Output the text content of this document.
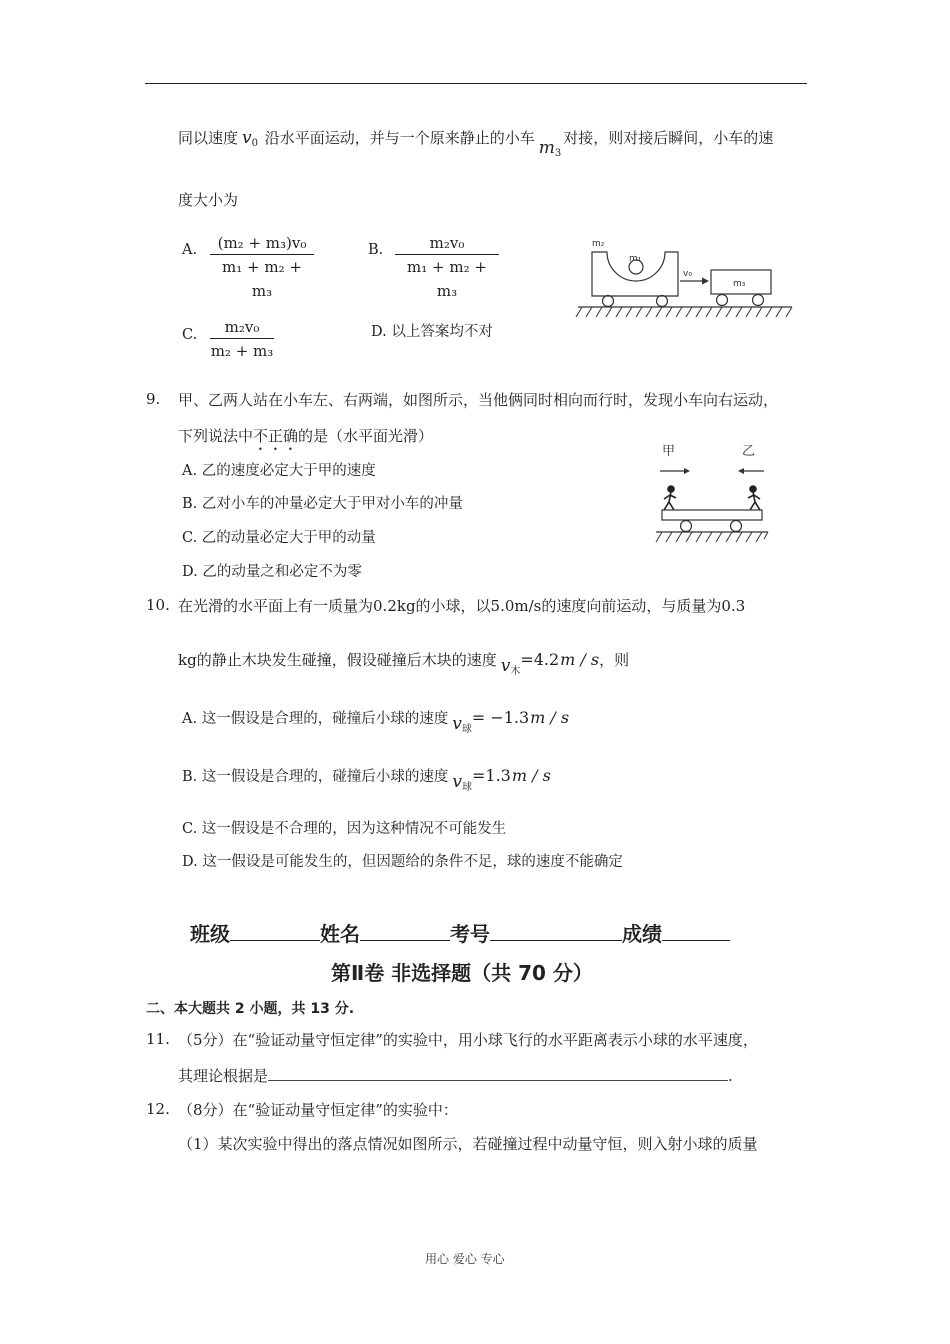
同以速度 $v_0$ 沿水平面运动，并与一个原来静止的小车 $m_3$对接，则对接后瞬间，小车的速
度大小为
A.	(m₂ + m₃)v₀
m₁ + m₂ + m₃
B.	m₂v₀
m₁ + m₂ + m₃
C.	m₂v₀
m₂ + m₃
D. 以上答案均不对
m₂
m₁
v₀
m₃
9. 甲、乙两人站在小车左、右两端，如图所示，当他俩同时相向而行时，发现小车向右运动，
下列说法中不正确的是（水平面光滑）
A. 乙的速度必定大于甲的速度
B. 乙对小车的冲量必定大于甲对小车的冲量
C. 乙的动量必定大于甲的动量
D. 乙的动量之和必定不为零
甲	乙
10. 在光滑的水平面上有一质量为0.2kg的小球，以5.0m/s的速度向前运动，与质量为0.3
kg的静止木块发生碰撞，假设碰撞后木块的速度 $v_木=4.2m / s$，则
A. 这一假设是合理的，碰撞后小球的速度 $v_球= -1.3m / s$
B. 这一假设是合理的，碰撞后小球的速度 $v_球=1.3m / s$
C. 这一假设是不合理的，因为这种情况不可能发生
D. 这一假设是可能发生的，但因题给的条件不足，球的速度不能确定
班级	姓名	考号	成绩
第Ⅱ卷 非选择题（共 70 分）
二、本大题共 2 小题，共 13 分.
11. （5分）在“验证动量守恒定律”的实验中，用小球飞行的水平距离表示小球的水平速度，
其理论根据是	.
12. （8分）在“验证动量守恒定律”的实验中：
（1）某次实验中得出的落点情况如图所示，若碰撞过程中动量守恒，则入射小球的质量
用心 爱心 专心
